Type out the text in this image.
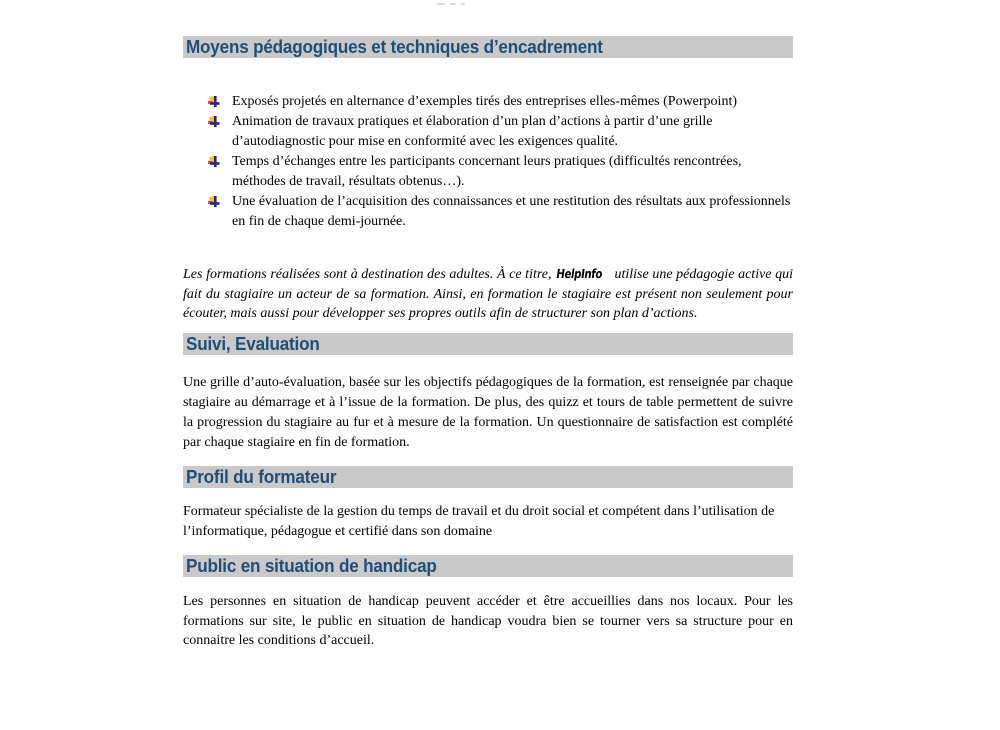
Moyens pédagogiques et techniques d’encadrement
Exposés projetés en alternance d’exemples tirés des entreprises elles-mêmes (Powerpoint)
Animation de travaux pratiques et élaboration d’un plan d’actions à partir d’une grille d’autodiagnostic pour mise en conformité avec les exigences qualité.
Temps d’échanges entre les participants concernant leurs pratiques (difficultés rencontrées, méthodes de travail, résultats obtenus…).
Une évaluation de l’acquisition des connaissances et une restitution des résultats aux professionnels en fin de chaque demi-journée.

Les formations réalisées sont à destination des adultes. À ce titre, HelpInfo utilise une pédagogie active qui fait du stagiaire un acteur de sa formation. Ainsi, en formation le stagiaire est présent non seulement pour écouter, mais aussi pour développer ses propres outils afin de structurer son plan d’actions.

Suivi, Evaluation

Une grille d’auto-évaluation, basée sur les objectifs pédagogiques de la formation, est renseignée par chaque stagiaire au démarrage et à l’issue de la formation. De plus, des quizz et tours de table permettent de suivre la progression du stagiaire au fur et à mesure de la formation. Un questionnaire de satisfaction est complété par chaque stagiaire en fin de formation.

Profil du formateur

Formateur spécialiste de la gestion du temps de travail et du droit social et compétent dans l’utilisation de l’informatique, pédagogue et certifié dans son domaine

Public en situation de handicap

Les personnes en situation de handicap peuvent accéder et être accueillies dans nos locaux. Pour les formations sur site, le public en situation de handicap voudra bien se tourner vers sa structure pour en connaitre les conditions d’accueil.
